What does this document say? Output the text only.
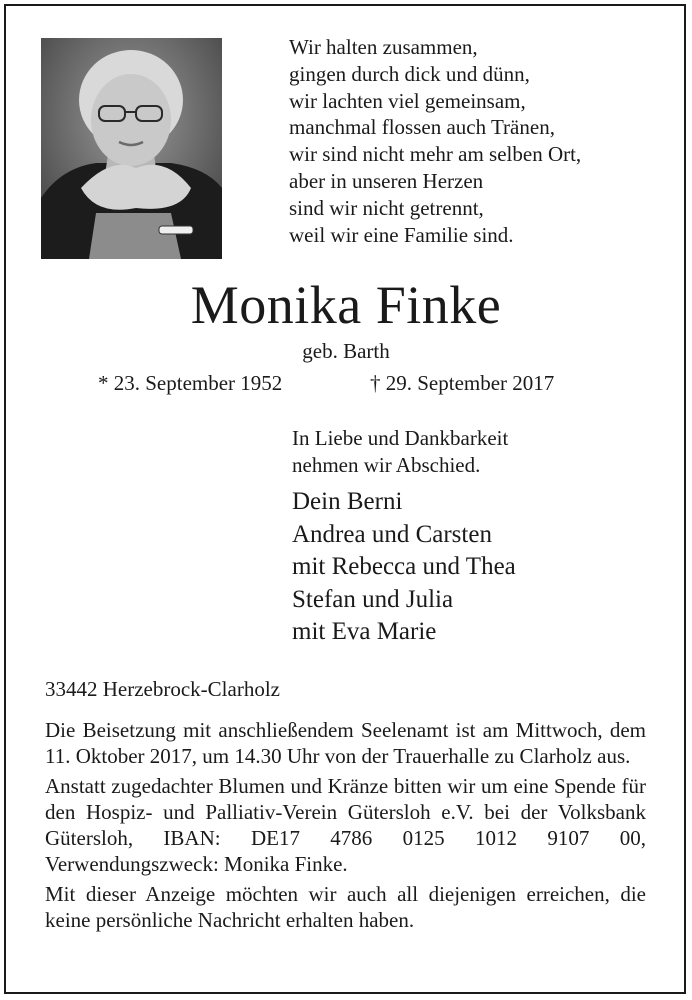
Wir halten zusammen,
gingen durch dick und dünn,
wir lachten viel gemeinsam,
manchmal flossen auch Tränen,
wir sind nicht mehr am selben Ort,
aber in unseren Herzen
sind wir nicht getrennt,
weil wir eine Familie sind.
Monika Finke
geb. Barth
* 23. September 1952	† 29. September 2017
In Liebe und Dankbarkeit
nehmen wir Abschied.
Dein Berni
Andrea und Carsten
mit Rebecca und Thea
Stefan und Julia
mit Eva Marie
33442 Herzebrock-Clarholz

Die Beisetzung mit anschließendem Seelenamt ist am Mittwoch, dem 11. Oktober 2017, um 14.30 Uhr von der Trauerhalle zu Clarholz aus.

Anstatt zugedachter Blumen und Kränze bitten wir um eine Spende für den Hospiz- und Palliativ-Verein Gütersloh e.V. bei der Volksbank Gütersloh, IBAN: DE17 4786 0125 1012 9107 00, Verwendungszweck: Monika Finke.

Mit dieser Anzeige möchten wir auch all diejenigen erreichen, die keine persönliche Nachricht erhalten haben.
